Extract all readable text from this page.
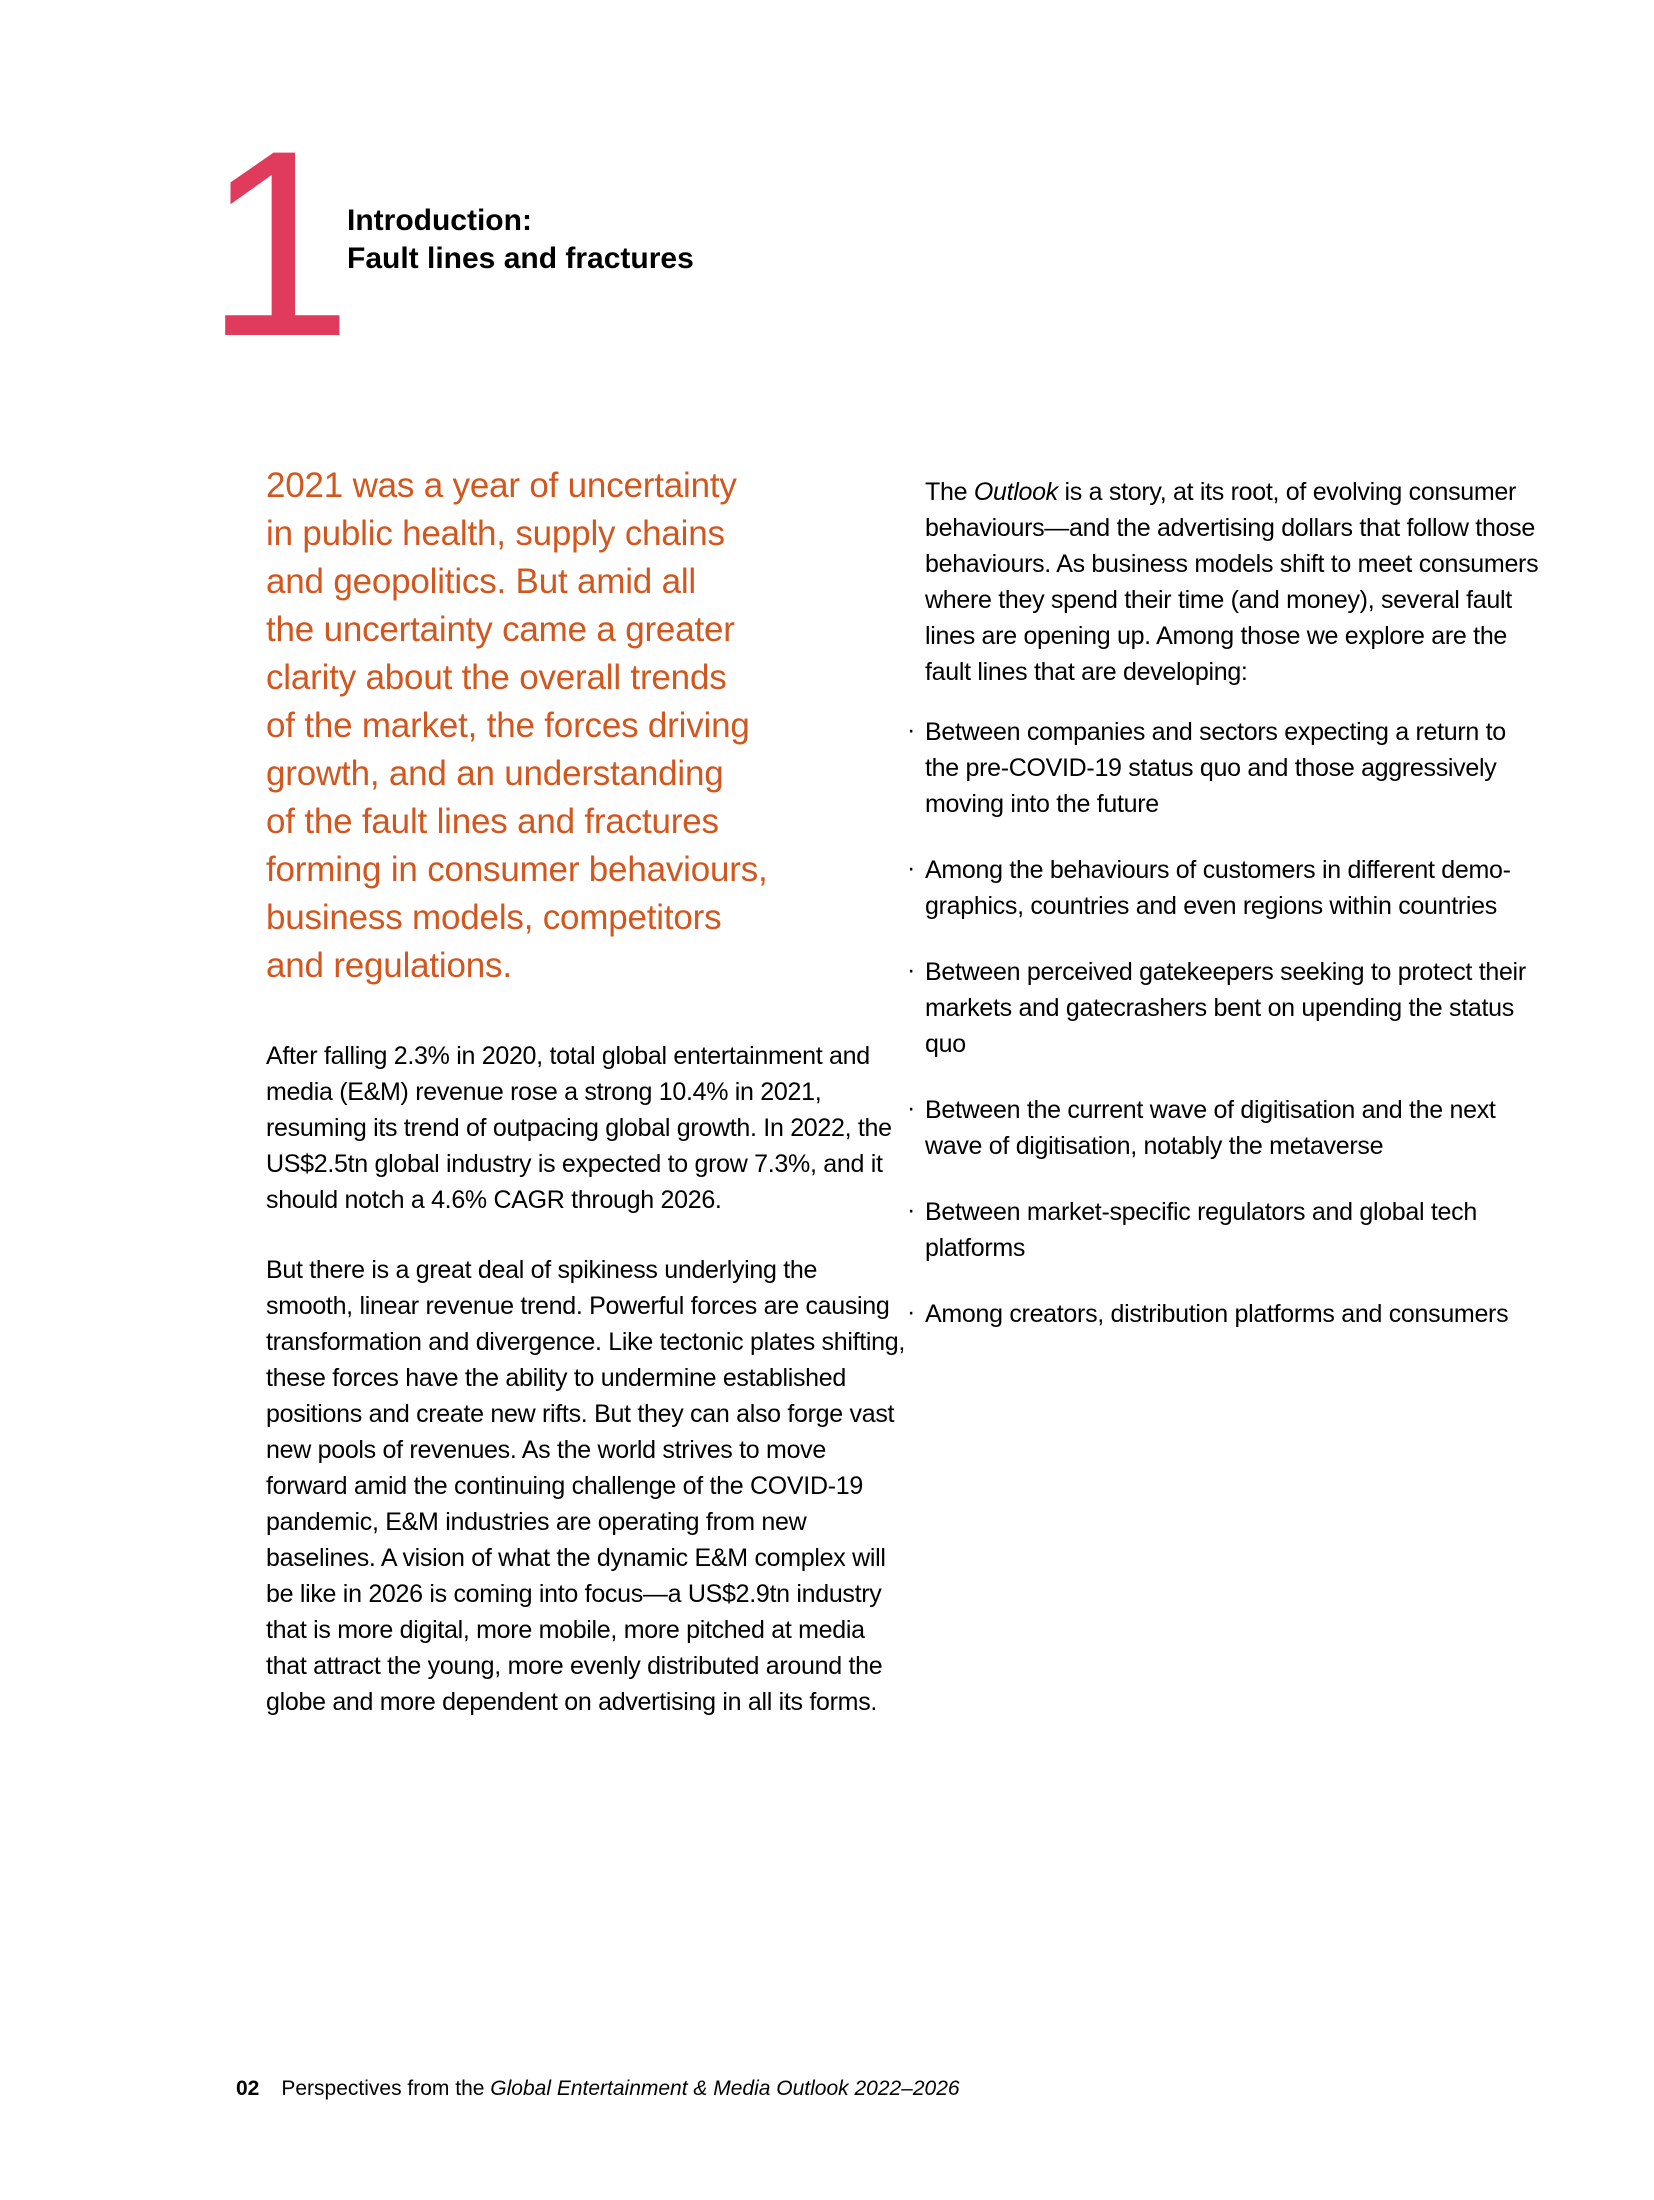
1
Introduction:
Fault lines and fractures
2021 was a year of uncertainty
in public health, supply chains
and geopolitics. But amid all
the uncertainty came a greater
clarity about the overall trends
of the market, the forces driving
growth, and an understanding
of the fault lines and fractures
forming in consumer behaviours,
business models, competitors
and regulations.

After falling 2.3% in 2020, total global entertainment and media (E&M) revenue rose a strong 10.4% in 2021, resuming its trend of outpacing global growth. In 2022, the US$2.5tn global industry is expected to grow 7.3%, and it should notch a 4.6% CAGR through 2026.

But there is a great deal of spikiness underlying the smooth, linear revenue trend. Powerful forces are causing transformation and divergence. Like tectonic plates shifting, these forces have the ability to undermine established positions and create new rifts. But they can also forge vast new pools of revenues. As the world strives to move forward amid the continuing challenge of the COVID-19 pandemic, E&M industries are operating from new baselines. A vision of what the dynamic E&M complex will be like in 2026 is coming into focus—a US$2.9tn industry that is more digital, more mobile, more pitched at media that attract the young, more evenly distributed around the globe and more dependent on advertising in all its forms.

The Outlook is a story, at its root, of evolving consumer behaviours—and the advertising dollars that follow those behaviours. As business models shift to meet consumers where they spend their time (and money), several fault lines are opening up. Among those we explore are the fault lines that are developing:

· Between companies and sectors expecting a return to the pre-COVID-19 status quo and those aggressively moving into the future
· Among the behaviours of customers in different demographics, countries and even regions within countries
· Between perceived gatekeepers seeking to protect their markets and gatecrashers bent on upending the status quo
· Between the current wave of digitisation and the next wave of digitisation, notably the metaverse
· Between market-specific regulators and global tech platforms
· Among creators, distribution platforms and consumers
02 Perspectives from the Global Entertainment & Media Outlook 2022–2026
